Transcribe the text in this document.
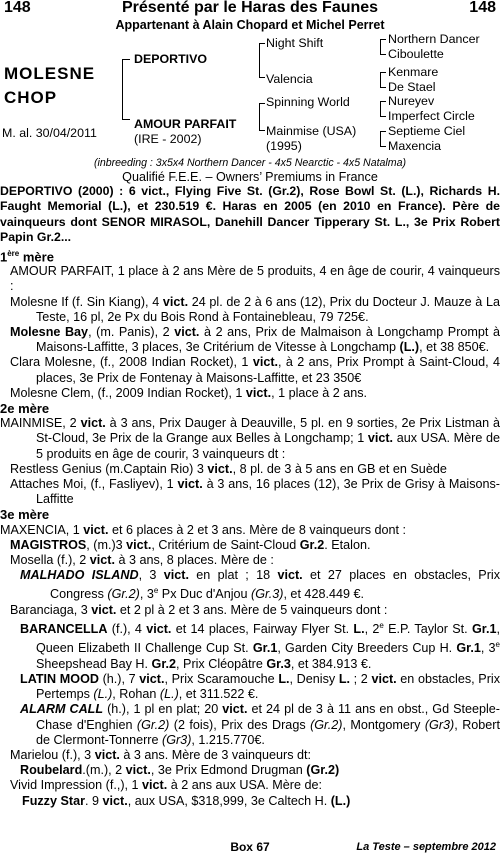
148	Présenté par le Haras des Faunes	148
Appartenant à Alain Chopard et Michel Perret
MOLESNE
CHOP
M. al. 30/04/2011
DEPORTIVO
AMOUR PARFAIT
(IRE - 2002)
Night Shift
Valencia
Spinning World
Mainmise (USA)
(1995)
Northern Dancer
Ciboulette
Kenmare
De Stael
Nureyev
Imperfect Circle
Septieme Ciel
Maxencia
(inbreeding : 3x5x4 Northern Dancer - 4x5 Nearctic - 4x5 Natalma)
Qualifié F.E.E. – Owners’ Premiums in France
DEPORTIVO (2000) : 6 vict., Flying Five St. (Gr.2), Rose Bowl St. (L.), Richards H. Faught Memorial (L.), et 230.519 €. Haras en 2005 (en 2010 en France). Père de vainqueurs dont SENOR MIRASOL, Danehill Dancer Tipperary St. L., 3e Prix Robert Papin Gr.2...
1ère mère
AMOUR PARFAIT, 1 place à 2 ans Mère de 5 produits, 4 en âge de courir, 4 vainqueurs :
Molesne If (f. Sin Kiang), 4 vict. 24 pl. de 2 à 6 ans (12), Prix du Docteur J. Mauze à La Teste, 16 pl, 2e Px du Bois Rond à Fontainebleau, 79 725€.
Molesne Bay, (m. Panis), 2 vict. à 2 ans, Prix de Malmaison à Longchamp Prompt à Maisons-Laffitte, 3 places, 3e Critérium de Vitesse à Longchamp (L.), et 38 850€.
Clara Molesne, (f., 2008 Indian Rocket), 1 vict., à 2 ans, Prix Prompt à Saint-Cloud, 4 places, 3e Prix de Fontenay à Maisons-Laffitte, et 23 350€
Molesne Clem, (f., 2009 Indian Rocket), 1 vict., 1 place à 2 ans.
2e mère
MAINMISE, 2 vict. à 3 ans, Prix Dauger à Deauville, 5 pl. en 9 sorties, 2e Prix Listman à St-Cloud, 3e Prix de la Grange aux Belles à Longchamp; 1 vict. aux USA. Mère de 5 produits en âge de courir, 3 vainqueurs dt :
Restless Genius (m.Captain Rio) 3 vict., 8 pl. de 3 à 5 ans en GB et en Suède
Attaches Moi, (f., Fasliyev), 1 vict. à 3 ans, 16 places (12), 3e Prix de Grisy à Maisons-Laffitte
3e mère
MAXENCIA, 1 vict. et 6 places à 2 et 3 ans. Mère de 8 vainqueurs dont :
MAGISTROS, (m.)3 vict., Critérium de Saint-Cloud Gr.2. Etalon.
Mosella (f.), 2 vict. à 3 ans, 8 places. Mère de :
MALHADO ISLAND, 3 vict. en plat ; 18 vict. et 27 places en obstacles, Prix Congress (Gr.2), 3e Px Duc d'Anjou (Gr.3), et 428.449 €.
Baranciaga, 3 vict. et 2 pl à 2 et 3 ans. Mère de 5 vainqueurs dont :
BARANCELLA (f.), 4 vict. et 14 places, Fairway Flyer St. L., 2e E.P. Taylor St. Gr.1, Queen Elizabeth II Challenge Cup St. Gr.1, Garden City Breeders Cup H. Gr.1, 3e Sheepshead Bay H. Gr.2, Prix Cléopâtre Gr.3, et 384.913 €.
LATIN MOOD (h.), 7 vict., Prix Scaramouche L., Denisy L. ; 2 vict. en obstacles, Prix Pertemps (L.), Rohan (L.), et 311.522 €.
ALARM CALL (h.), 1 pl en plat; 20 vict. et 24 pl de 3 à 11 ans en obst., Gd Steeple-Chase d'Enghien (Gr.2) (2 fois), Prix des Drags (Gr.2), Montgomery (Gr3), Robert de Clermont-Tonnerre (Gr3), 1.215.770€.
Marielou (f.), 3 vict. à 3 ans. Mère de 3 vainqueurs dt:
Roubelard.(m.), 2 vict., 3e Prix Edmond Drugman (Gr.2)
Vivid Impression (f.,), 1 vict. à 2 ans aux USA. Mère de:
Fuzzy Star. 9 vict., aux USA, $318,999, 3e Caltech H. (L.)
Box 67	La Teste – septembre 2012
